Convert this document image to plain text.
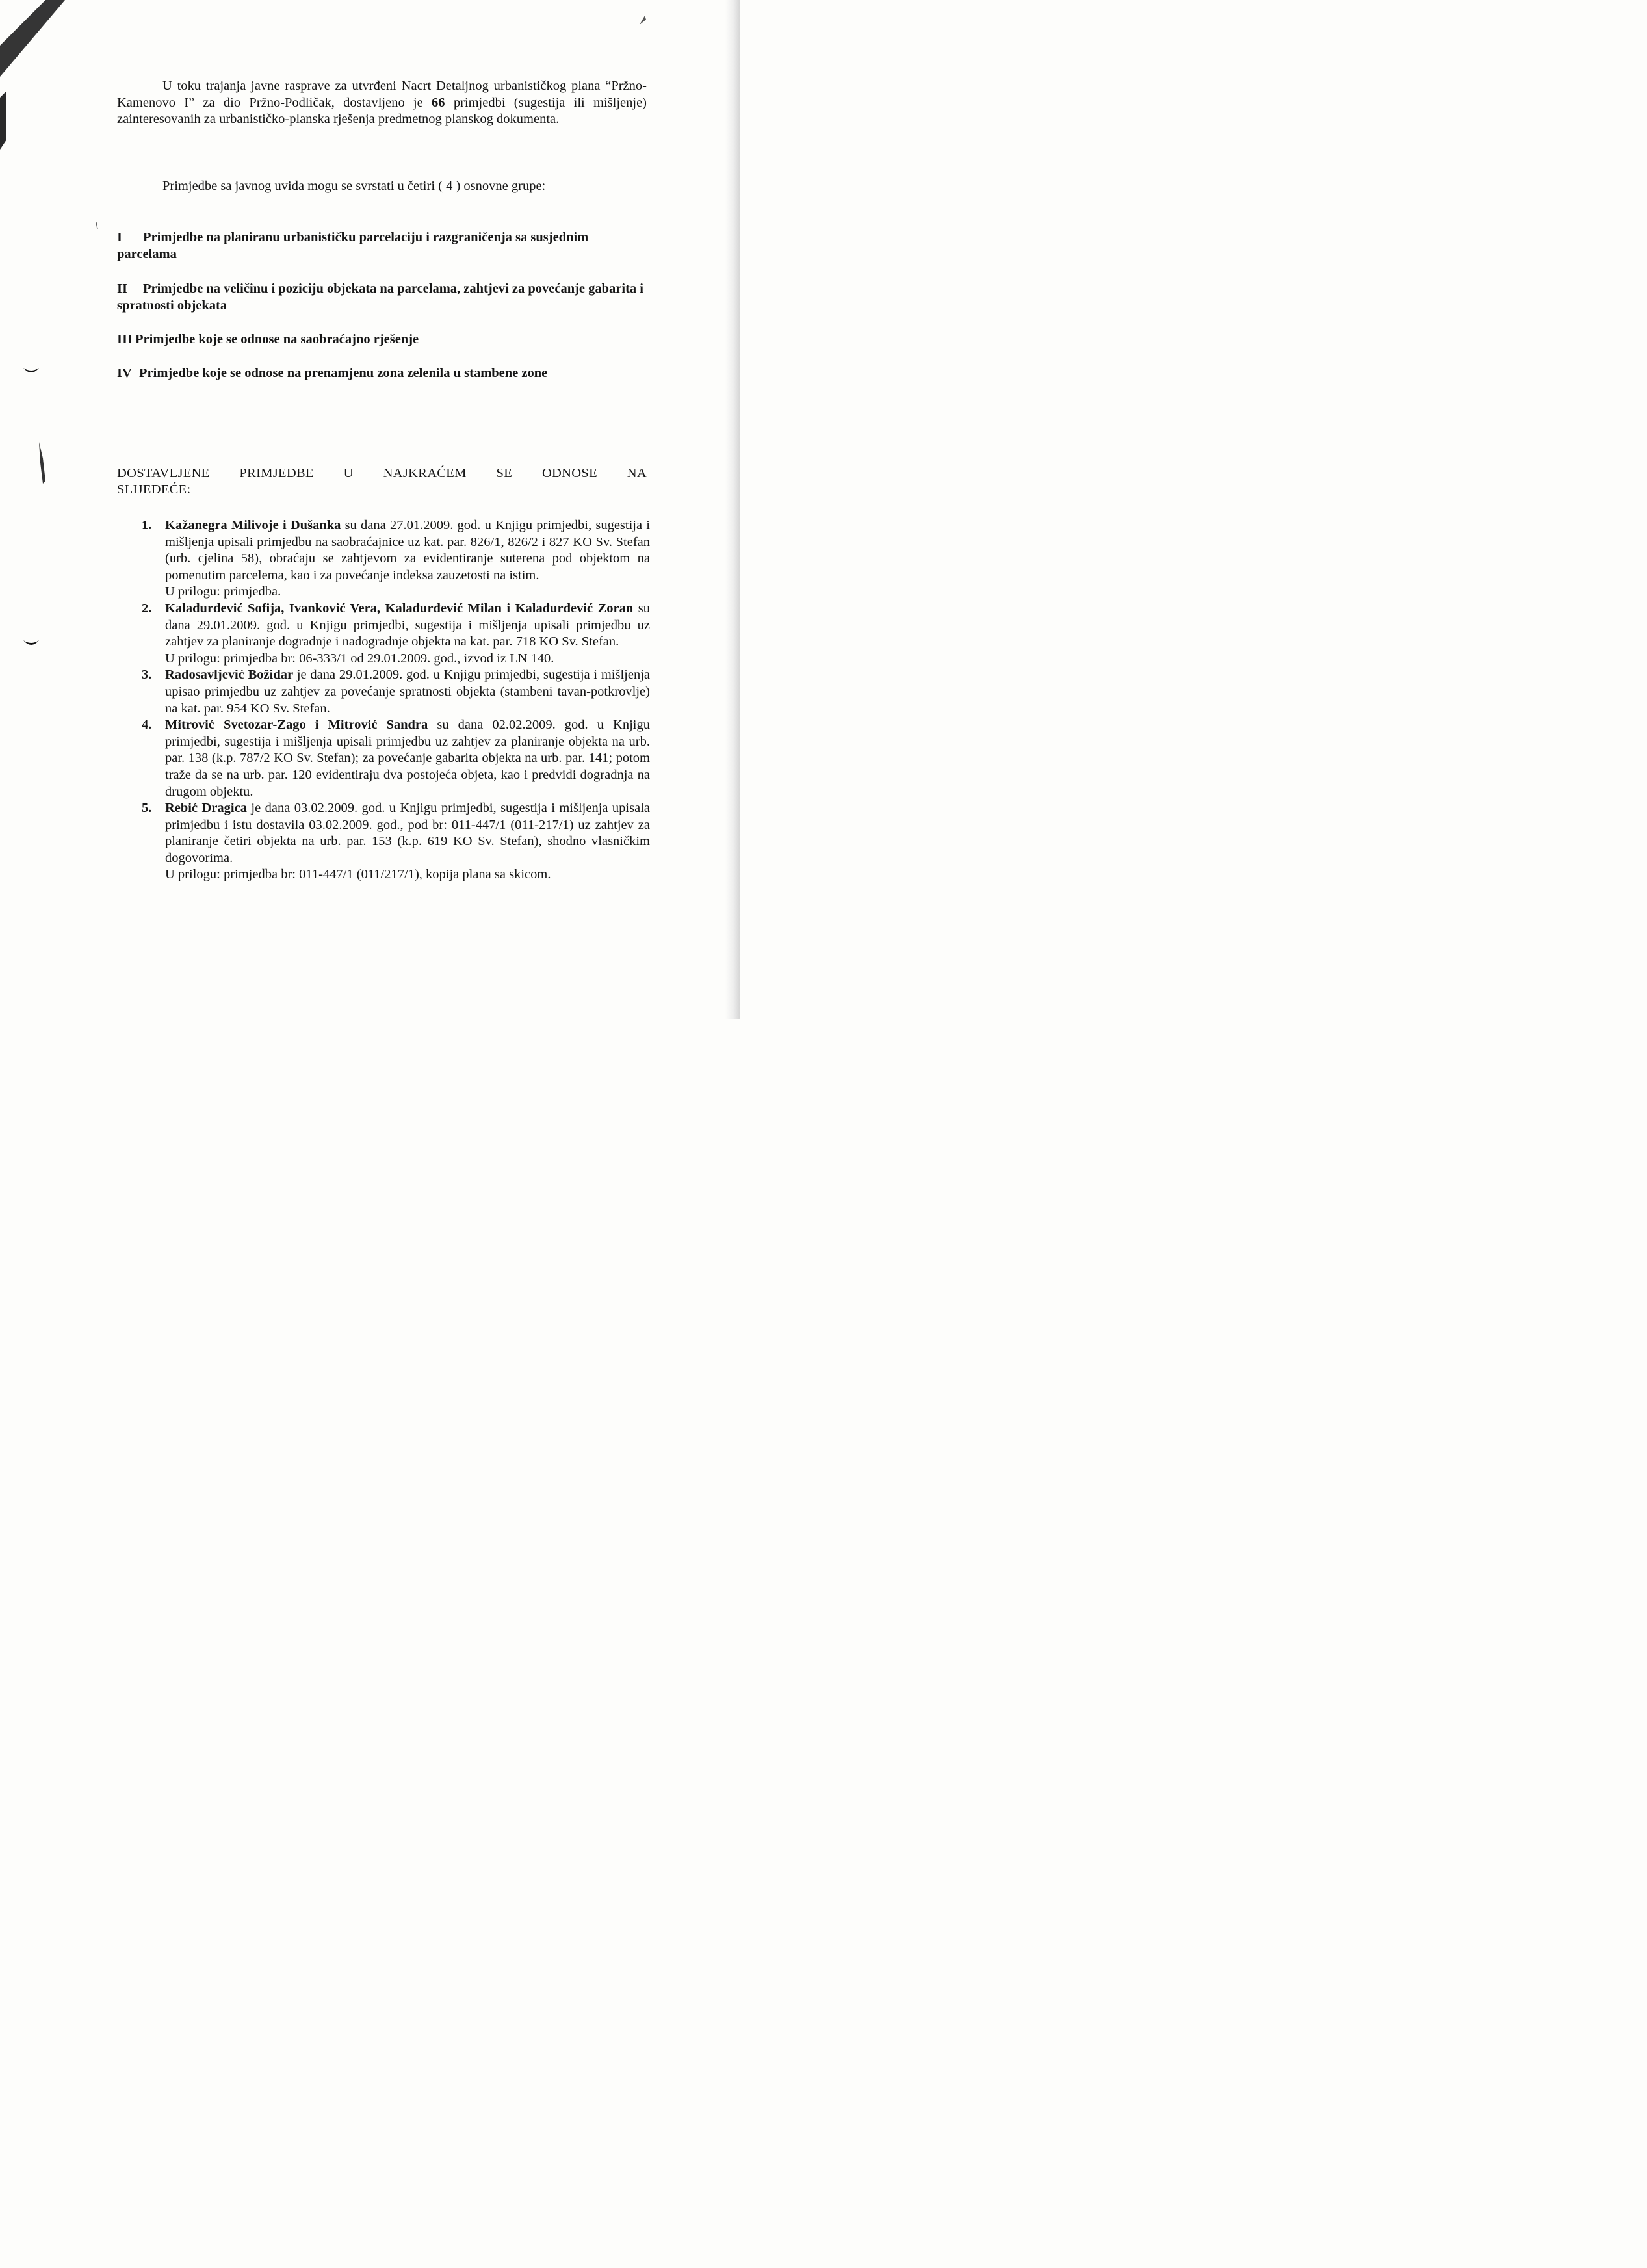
U toku trajanja javne rasprave za utvrđeni Nacrt Detaljnog urbanističkog plana “Pržno-Kamenovo I” za dio Pržno-Podličak, dostavljeno je 66 primjedbi (sugestija ili mišljenje) zainteresovanih za urbanističko-planska rješenja predmetnog planskog dokumenta.
Primjedbe sa javnog uvida mogu se svrstati u četiri ( 4 ) osnovne grupe:
I Primjedbe na planiranu urbanističku parcelaciju i razgraničenja sa susjednim parcelama
II Primjedbe na veličinu i poziciju objekata na parcelama, zahtjevi za povećanje gabarita i spratnosti objekata
III Primjedbe koje se odnose na saobraćajno rješenje
IV Primjedbe koje se odnose na prenamjenu zona zelenila u stambene zone
DOSTAVLJENE PRIMJEDBE U NAJKRAĆEM SE ODNOSE NA SLIJEDEĆE:
1. Kažanegra Milivoje i Dušanka su dana 27.01.2009. god. u Knjigu primjedbi, sugestija i mišljenja upisali primjedbu na saobraćajnice uz kat. par. 826/1, 826/2 i 827 KO Sv. Stefan (urb. cjelina 58), obraćaju se zahtjevom za evidentiranje suterena pod objektom na pomenutim parcelema, kao i za povećanje indeksa zauzetosti na istim.
U prilogu: primjedba.
2. Kalađurđević Sofija, Ivanković Vera, Kalađurđević Milan i Kalađurđević Zoran su dana 29.01.2009. god. u Knjigu primjedbi, sugestija i mišljenja upisali primjedbu uz zahtjev za planiranje dogradnje i nadogradnje objekta na kat. par. 718 KO Sv. Stefan.
U prilogu: primjedba br: 06-333/1 od 29.01.2009. god., izvod iz LN 140.
3. Radosavljević Božidar je dana 29.01.2009. god. u Knjigu primjedbi, sugestija i mišljenja upisao primjedbu uz zahtjev za povećanje spratnosti objekta (stambeni tavan-potkrovlje) na kat. par. 954 KO Sv. Stefan.
4. Mitrović Svetozar-Zago i Mitrović Sandra su dana 02.02.2009. god. u Knjigu primjedbi, sugestija i mišljenja upisali primjedbu uz zahtjev za planiranje objekta na urb. par. 138 (k.p. 787/2 KO Sv. Stefan); za povećanje gabarita objekta na urb. par. 141; potom traže da se na urb. par. 120 evidentiraju dva postojeća objeta, kao i predvidi dogradnja na drugom objektu.
5. Rebić Dragica je dana 03.02.2009. god. u Knjigu primjedbi, sugestija i mišljenja upisala primjedbu i istu dostavila 03.02.2009. god., pod br: 011-447/1 (011-217/1) uz zahtjev za planiranje četiri objekta na urb. par. 153 (k.p. 619 KO Sv. Stefan), shodno vlasničkim dogovorima.
U prilogu: primjedba br: 011-447/1 (011/217/1), kopija plana sa skicom.
